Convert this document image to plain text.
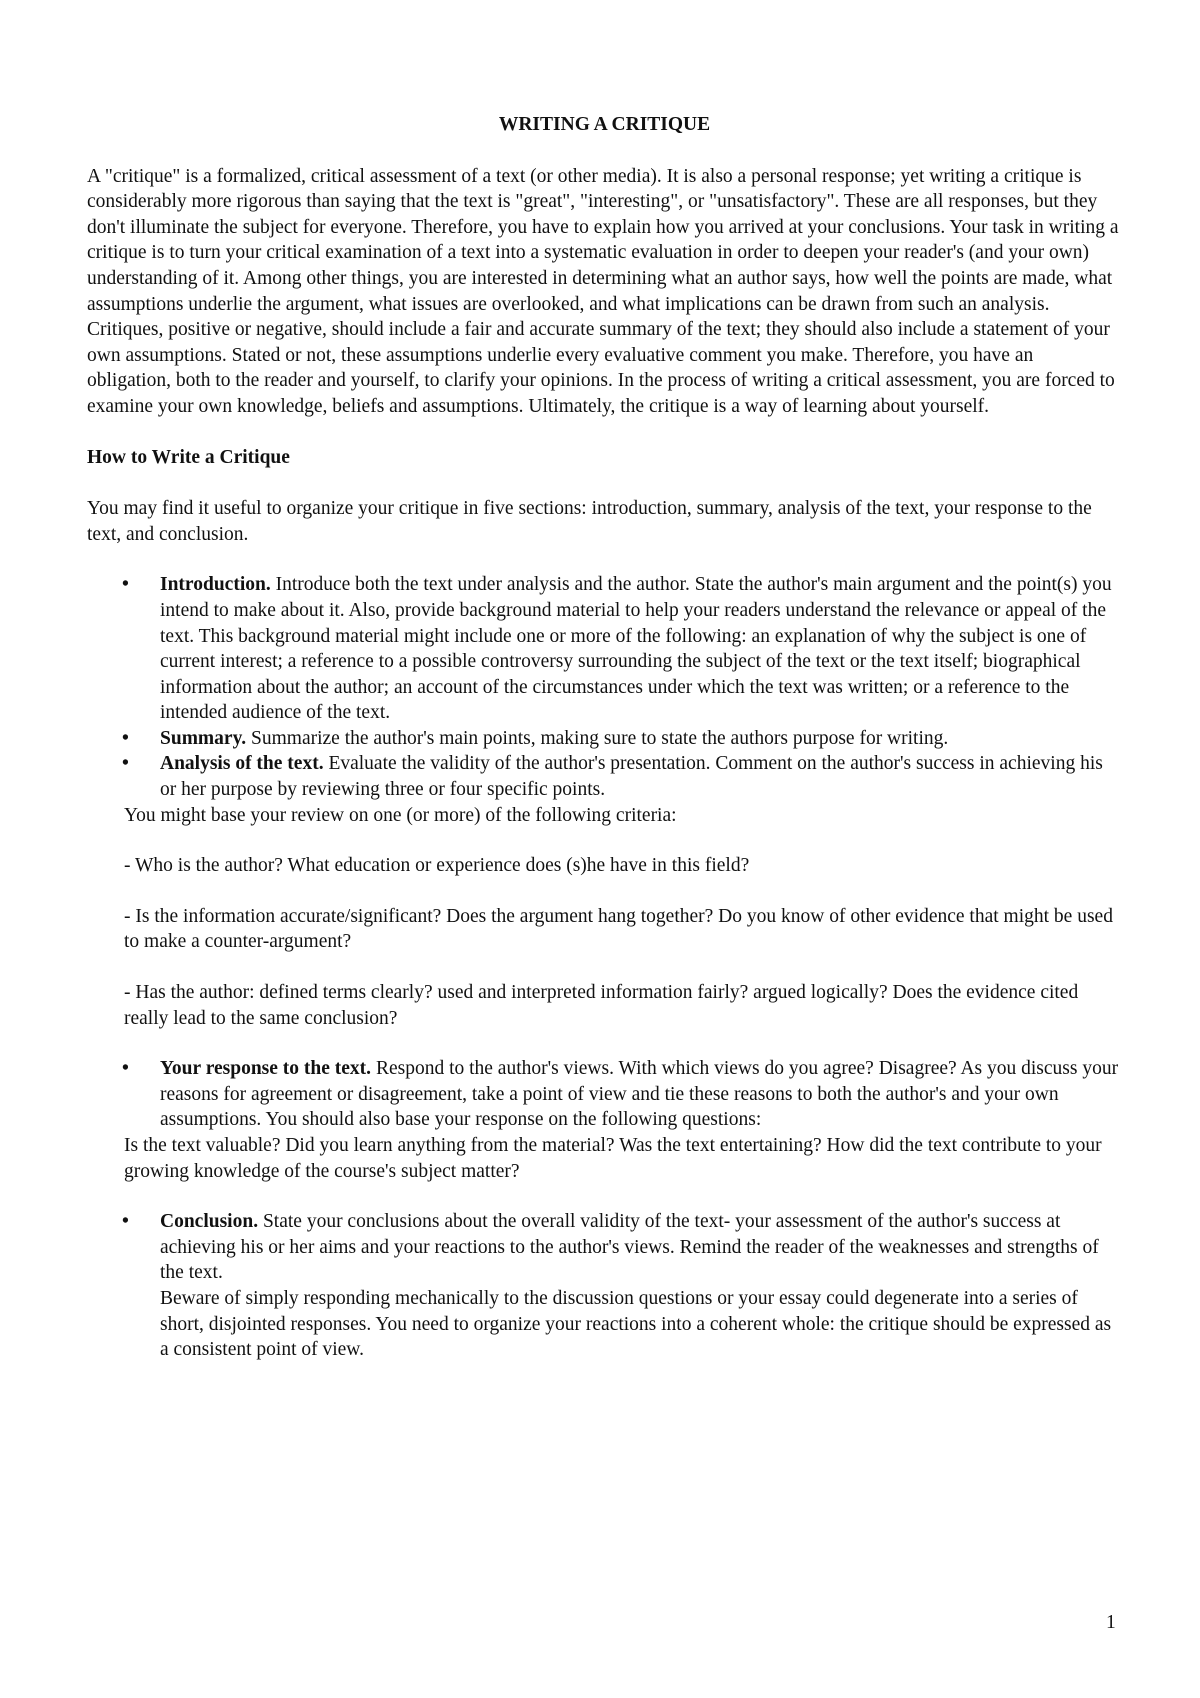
WRITING A CRITIQUE

A "critique" is a formalized, critical assessment of a text (or other media). It is also a personal response; yet writing a critique is considerably more rigorous than saying that the text is "great", "interesting", or "unsatisfactory". These are all responses, but they don't illuminate the subject for everyone. Therefore, you have to explain how you arrived at your conclusions. Your task in writing a critique is to turn your critical examination of a text into a systematic evaluation in order to deepen your reader's (and your own) understanding of it. Among other things, you are interested in determining what an author says, how well the points are made, what assumptions underlie the argument, what issues are overlooked, and what implications can be drawn from such an analysis. Critiques, positive or negative, should include a fair and accurate summary of the text; they should also include a statement of your own assumptions. Stated or not, these assumptions underlie every evaluative comment you make. Therefore, you have an obligation, both to the reader and yourself, to clarify your opinions. In the process of writing a critical assessment, you are forced to examine your own knowledge, beliefs and assumptions. Ultimately, the critique is a way of learning about yourself.

How to Write a Critique

You may find it useful to organize your critique in five sections: introduction, summary, analysis of the text, your response to the text, and conclusion.

• Introduction. Introduce both the text under analysis and the author. State the author's main argument and the point(s) you intend to make about it. Also, provide background material to help your readers understand the relevance or appeal of the text. This background material might include one or more of the following: an explanation of why the subject is one of current interest; a reference to a possible controversy surrounding the subject of the text or the text itself; biographical information about the author; an account of the circumstances under which the text was written; or a reference to the intended audience of the text.
• Summary. Summarize the author's main points, making sure to state the authors purpose for writing.
• Analysis of the text. Evaluate the validity of the author's presentation. Comment on the author's success in achieving his or her purpose by reviewing three or four specific points.

You might base your review on one (or more) of the following criteria:

- Who is the author? What education or experience does (s)he have in this field?

- Is the information accurate/significant? Does the argument hang together? Do you know of other evidence that might be used to make a counter-argument?

- Has the author: defined terms clearly? used and interpreted information fairly? argued logically? Does the evidence cited really lead to the same conclusion?

• Your response to the text. Respond to the author's views. With which views do you agree? Disagree? As you discuss your reasons for agreement or disagreement, take a point of view and tie these reasons to both the author's and your own assumptions. You should also base your response on the following questions:

Is the text valuable? Did you learn anything from the material? Was the text entertaining? How did the text contribute to your growing knowledge of the course's subject matter?

• Conclusion. State your conclusions about the overall validity of the text- your assessment of the author's success at achieving his or her aims and your reactions to the author's views. Remind the reader of the weaknesses and strengths of the text.

Beware of simply responding mechanically to the discussion questions or your essay could degenerate into a series of short, disjointed responses. You need to organize your reactions into a coherent whole: the critique should be expressed as a consistent point of view.

1
